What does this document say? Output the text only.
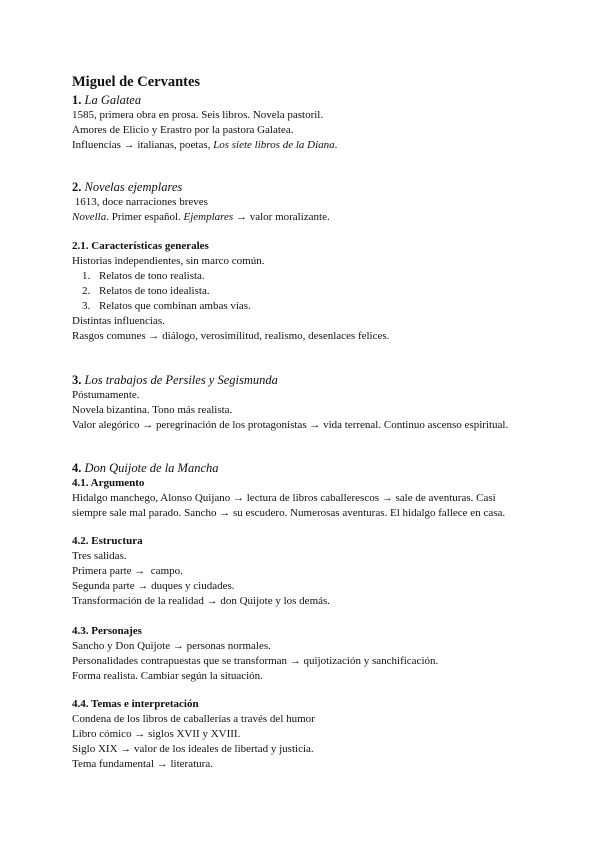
Miguel de Cervantes
1. La Galatea
1585, primera obra en prosa. Seis libros. Novela pastoril.
Amores de Elicio y Erastro por la pastora Galatea.
Influencias → italianas, poetas, Los siete libros de la Diana.
2. Novelas ejemplares
1613, doce narraciones breves
Novella. Primer español. Ejemplares → valor moralizante.
2.1. Características generales
Historias independientes, sin marco común.
1. Relatos de tono realista.
2. Relatos de tono idealista.
3. Relatos que combinan ambas vías.
Distintas influencias.
Rasgos comunes → diálogo, verosimilitud, realismo, desenlaces felices.
3. Los trabajos de Persiles y Segismunda
Póstumamente.
Novela bizantina. Tono más realista.
Valor alegórico → peregrinación de los protagonistas → vida terrenal. Continuo ascenso espiritual.
4. Don Quijote de la Mancha
4.1. Argumento
Hidalgo manchego, Alonso Quijano → lectura de libros caballerescos → sale de aventuras. Casi siempre sale mal parado. Sancho → su escudero. Numerosas aventuras. El hidalgo fallece en casa.
4.2. Estructura
Tres salidas.
Primera parte →  campo.
Segunda parte → duques y ciudades.
Transformación de la realidad → don Quijote y los demás.
4.3. Personajes
Sancho y Don Quijote → personas normales.
Personalidades contrapuestas que se transforman → quijotización y sanchificación.
Forma realista. Cambiar según la situación.
4.4. Temas e interpretación
Condena de los libros de caballerías a través del humor
Libro cómico → siglos XVII y XVIII.
Siglo XIX → valor de los ideales de libertad y justicia.
Tema fundamental → literatura.
